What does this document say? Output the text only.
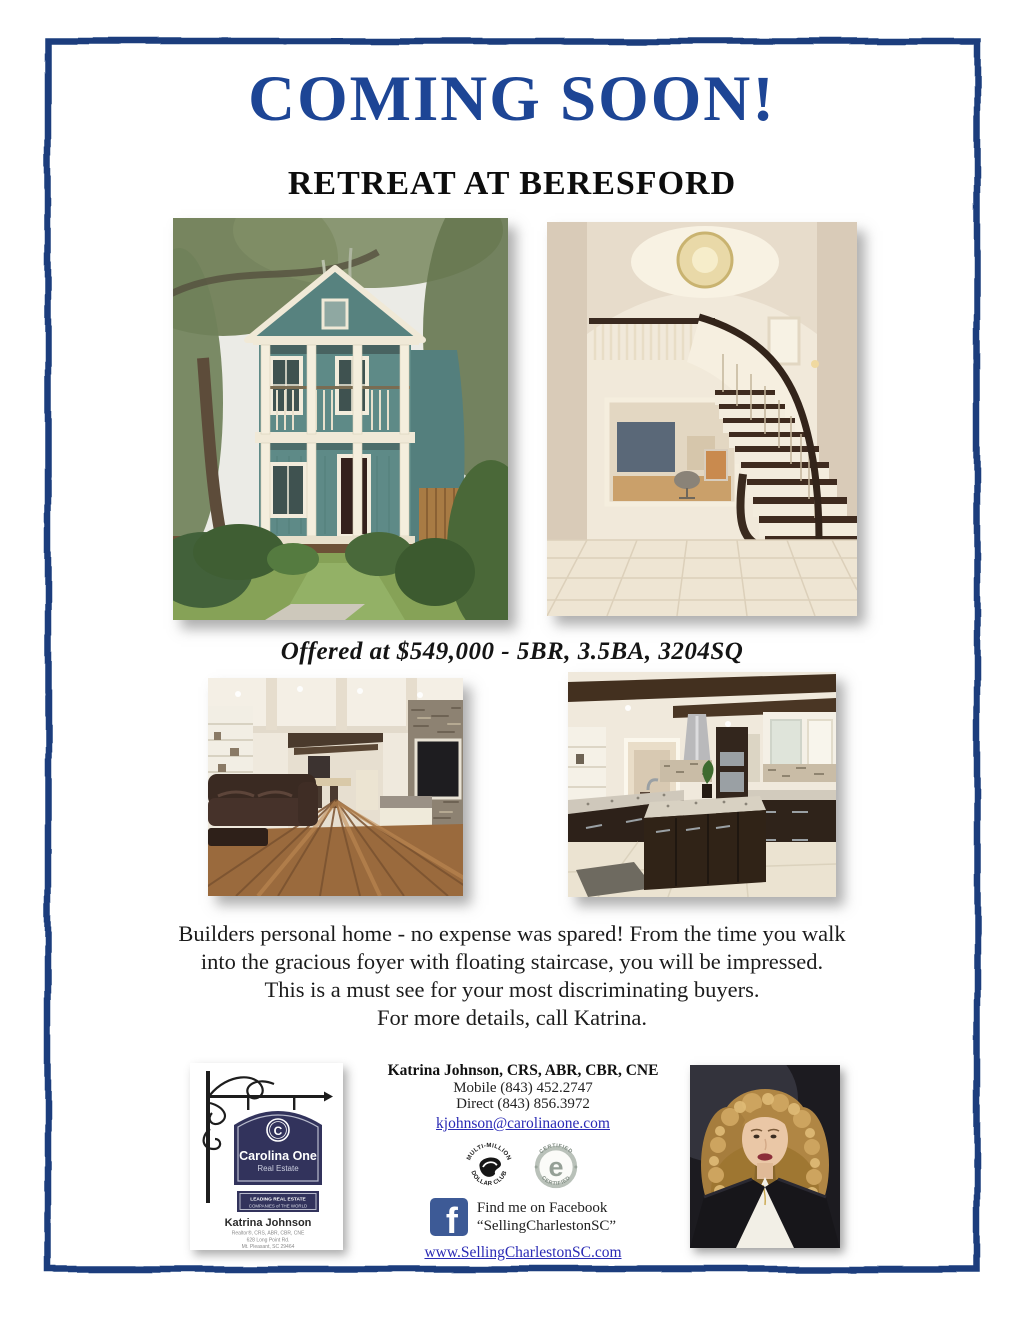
COMING SOON!
RETREAT AT BERESFORD
Offered at $549,000 - 5BR, 3.5BA, 3204SQ
Builders personal home - no expense was spared! From the time you walk
into the gracious foyer with floating staircase, you will be impressed.
This is a must see for your most discriminating buyers.
For more details, call Katrina.
C
Carolina One
Real Estate
LEADING REAL ESTATE
COMPANIES of THE WORLD
Katrina Johnson
Realtor®, CRS, ABR, CBR, CNE
628 Long Point Rd.
Mt. Pleasant, SC 29464
Katrina Johnson, CRS, ABR, CBR, CNE
Mobile (843) 452.2747
Direct (843) 856.3972
kjohnson@carolinaone.com
MULTI-MILLION
DOLLAR CLUB
CERTIFIED
CERTIFIED
e
f Find me on Facebook
“SellingCharlestonSC”
www.SellingCharlestonSC.com
